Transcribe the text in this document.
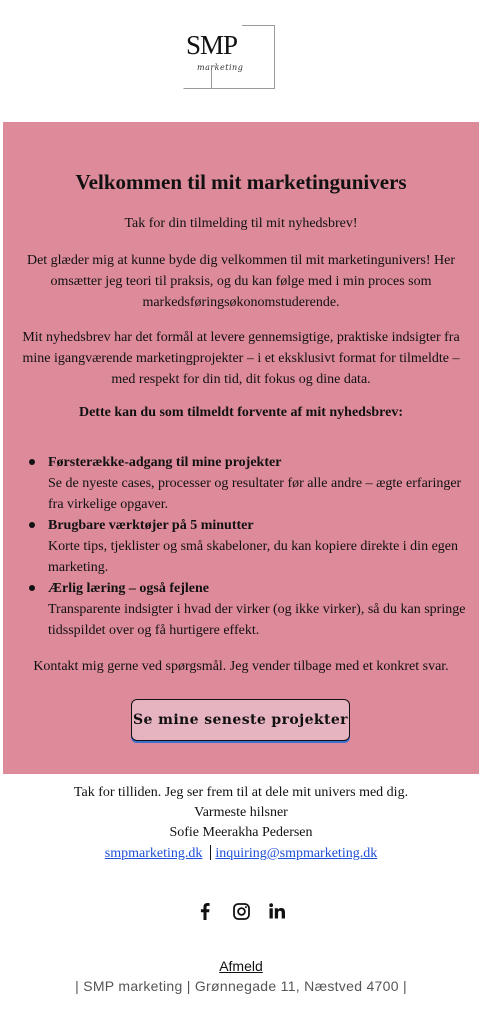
SMP
marketing
Velkommen til mit marketingunivers
Tak for din tilmelding til mit nyhedsbrev!
Det glæder mig at kunne byde dig velkommen til mit marketingunivers! Her omsætter jeg teori til praksis, og du kan følge med i min proces som markedsføringsøkonomstuderende.
Mit nyhedsbrev har det formål at levere gennemsigtige, praktiske indsigter fra mine igangværende marketingprojekter – i et eksklusivt format for tilmeldte – med respekt for din tid, dit fokus og dine data.
Dette kan du som tilmeldt forvente af mit nyhedsbrev:
Førsterække-adgang til mine projekter
Se de nyeste cases, processer og resultater før alle andre – ægte erfaringer fra virkelige opgaver.
Brugbare værktøjer på 5 minutter
Korte tips, tjeklister og små skabeloner, du kan kopiere direkte i din egen marketing.
Ærlig læring – også fejlene
Transparente indsigter i hvad der virker (og ikke virker), så du kan springe tidsspildet over og få hurtigere effekt.
Kontakt mig gerne ved spørgsmål. Jeg vender tilbage med et konkret svar.
Se mine seneste projekter
Tak for tilliden. Jeg ser frem til at dele mit univers med dig.
Varmeste hilsner
Sofie Meerakha Pedersen
smpmarketing.dk inquiring@smpmarketing.dk
Afmeld
| SMP marketing | Grønnegade 11, Næstved 4700 |
